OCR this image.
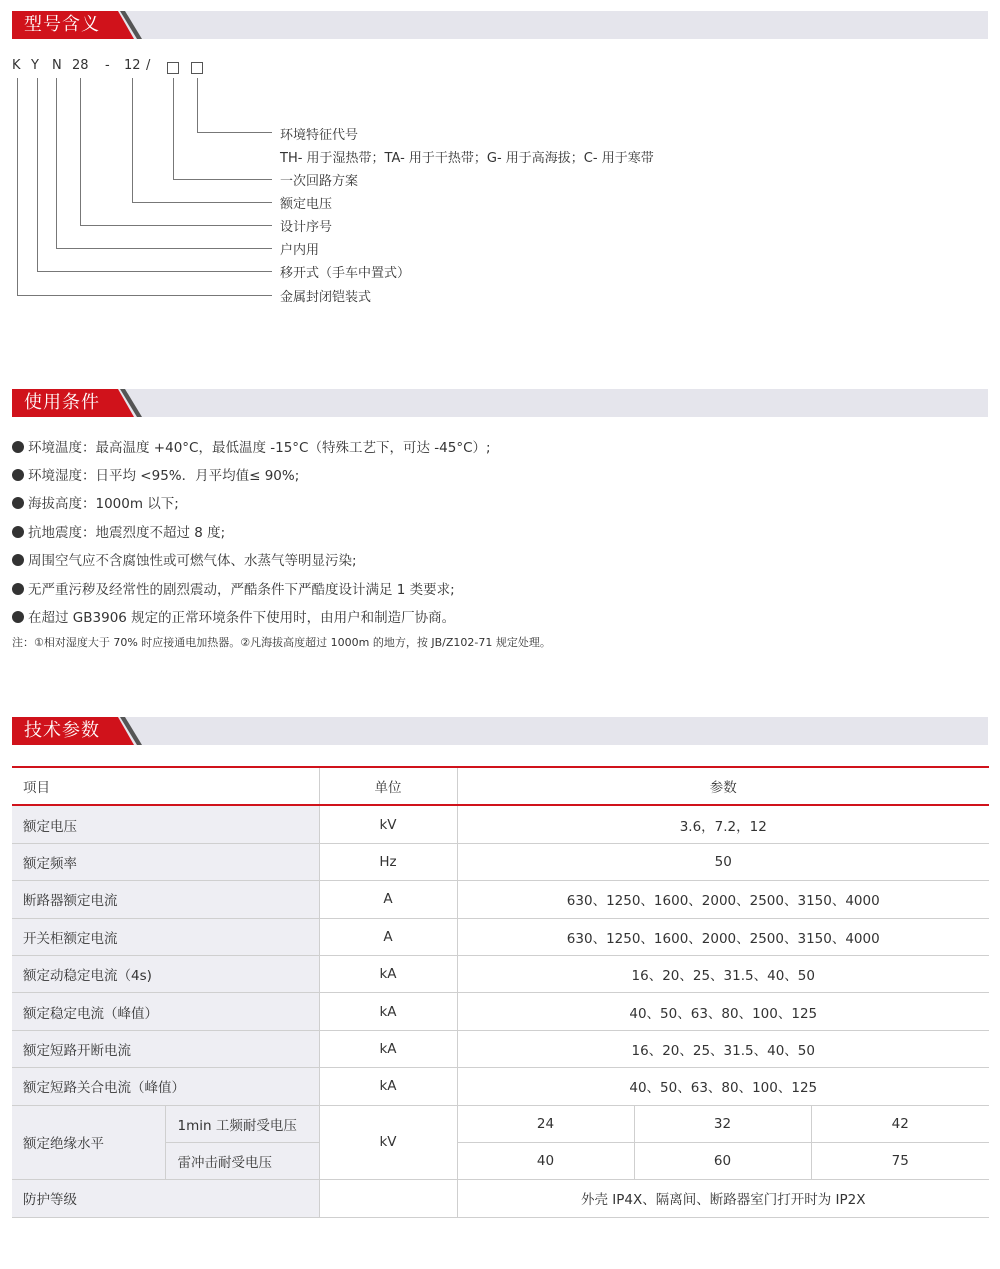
型号含义
K Y N 28 - 12 /
环境特征代号
TH- 用于湿热带；TA- 用于干热带；G- 用于高海拔；C- 用于寒带
一次回路方案
额定电压
设计序号
户内用
移开式（手车中置式）
金属封闭铠装式
使用条件
环境温度：最高温度 +40°C，最低温度 -15°C（特殊工艺下，可达 -45°C）;
环境湿度：日平均 <95%．月平均值≤ 90%;
海拔高度：1000m 以下;
抗地震度：地震烈度不超过 8 度;
周围空气应不含腐蚀性或可燃气体、水蒸气等明显污染;
无严重污秽及经常性的剧烈震动，严酷条件下严酷度设计满足 1 类要求;
在超过 GB3906 规定的正常环境条件下使用时，由用户和制造厂协商。
注：①相对湿度大于 70% 时应接通电加热器。②凡海拔高度超过 1000m 的地方，按 JB/Z102-71 规定处理。
技术参数
项目		单位	参数		
额定电压		kV	3.6，7.2，12		
额定频率		Hz	50		
断路器额定电流		A	630、1250、1600、2000、2500、3150、4000		
开关柜额定电流		A	630、1250、1600、2000、2500、3150、4000		
额定动稳定电流（4s)		kA	16、20、25、31.5、40、50		
额定稳定电流（峰值）		kA	40、50、63、80、100、125		
额定短路开断电流		kA	16、20、25、31.5、40、50		
额定短路关合电流（峰值）		kA	40、50、63、80、100、125		
额定绝缘水平	1min 工频耐受电压	kV	24	32	42
	雷冲击耐受电压		40	60	75
防护等级			外壳 IP4X、隔离间、断路器室门打开时为 IP2X		
